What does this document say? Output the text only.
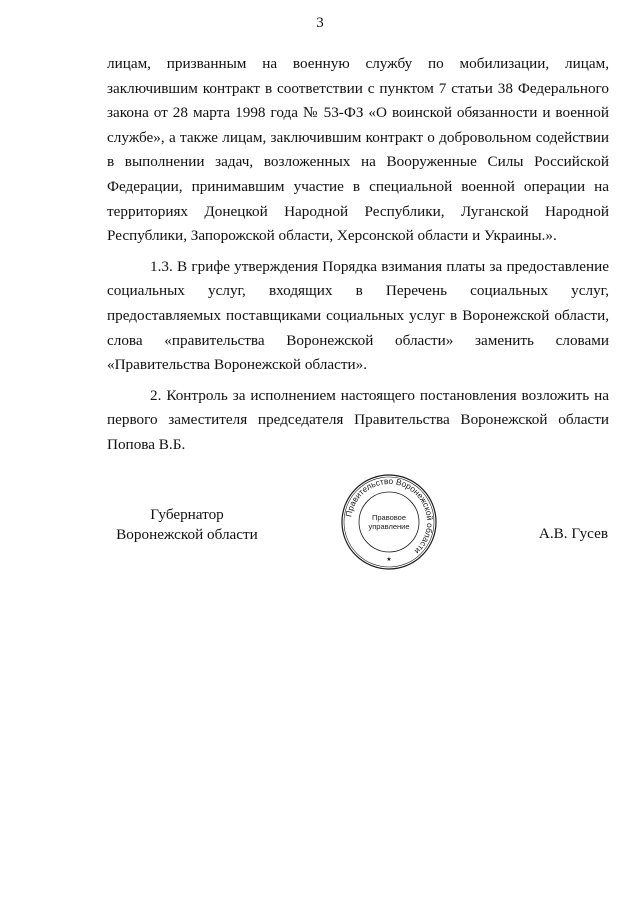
3

лицам, призванным на военную службу по мобилизации, лицам,
заключившим контракт в соответствии с пунктом 7 статьи 38 Федерального
закона от 28 марта 1998 года № 53-ФЗ «О воинской обязанности и военной
службе», а также лицам, заключившим контракт о добровольном содействии
в выполнении задач, возложенных на Вооруженные Силы Российской
Федерации, принимавшим участие в специальной военной операции на
территориях Донецкой Народной Республики, Луганской Народной
Республики, Запорожской области, Херсонской области и Украины.».

1.3. В грифе утверждения Порядка взимания платы за предоставление
социальных услуг, входящих в Перечень социальных услуг,
предоставляемых поставщиками социальных услуг в Воронежской области,
слова «правительства Воронежской области» заменить словами
«Правительства Воронежской области».

2. Контроль за исполнением настоящего постановления возложить на
первого заместителя председателя Правительства Воронежской области
Попова В.Б.

Губернатор
Воронежской области	А.В. Гусев
Правительство Воронежской области
Правовое
управление
★
